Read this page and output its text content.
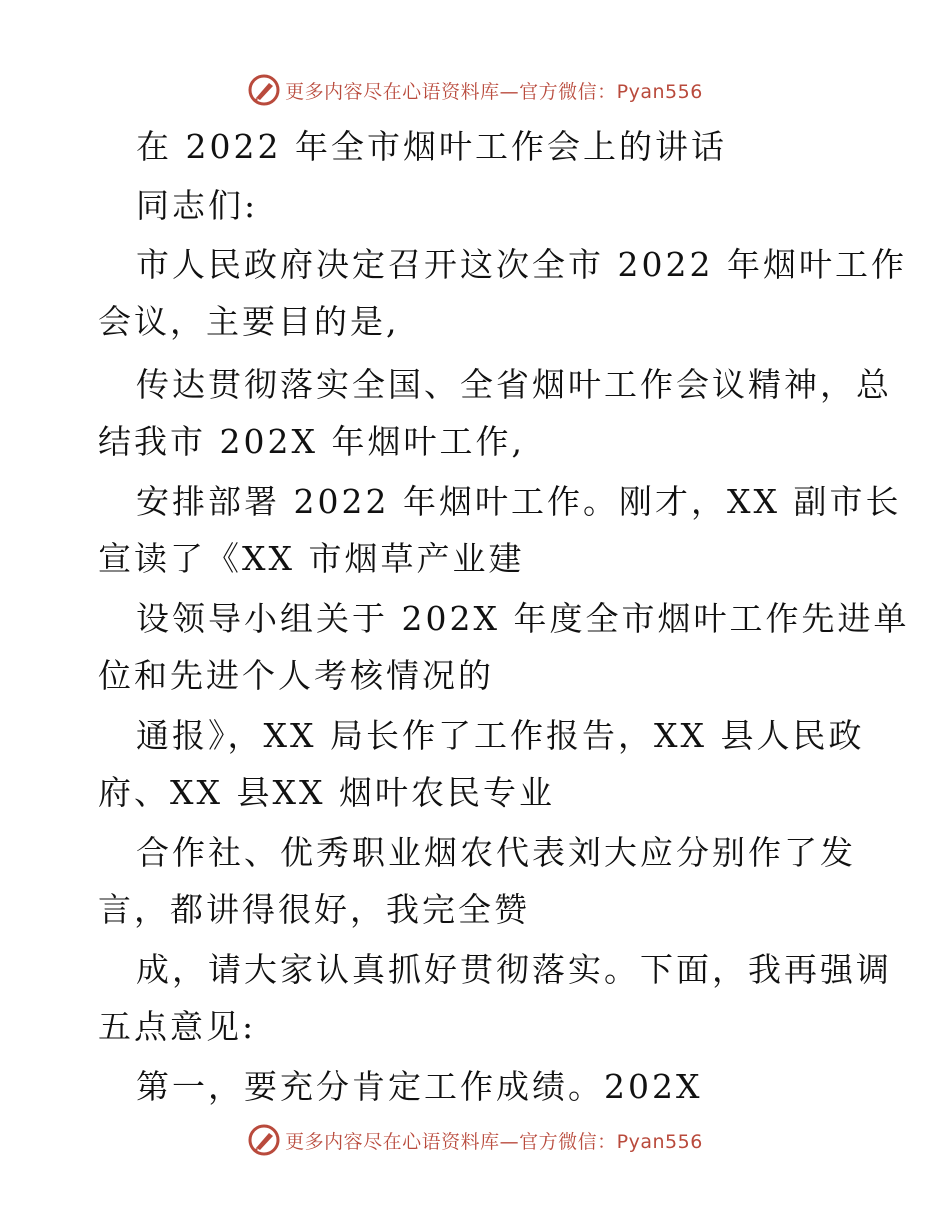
更多内容尽在心语资料库—官方微信：Pyan556
在 2022 年全市烟叶工作会上的讲话
同志们:
市人民政府决定召开这次全市 2022 年烟叶工作
会议，主要目的是,
传达贯彻落实全国、全省烟叶工作会议精神，总
结我市 202X 年烟叶工作,
安排部署 2022 年烟叶工作。刚才，XX 副市长
宣读了《XX 市烟草产业建
设领导小组关于 202X 年度全市烟叶工作先进单
位和先进个人考核情况的
通报》，XX 局长作了工作报告，XX 县人民政
府、XX 县XX 烟叶农民专业
合作社、优秀职业烟农代表刘大应分别作了发
言，都讲得很好，我完全赞
成，请大家认真抓好贯彻落实。下面，我再强调
五点意见:
第一，要充分肯定工作成绩。202X
更多内容尽在心语资料库—官方微信：Pyan556
